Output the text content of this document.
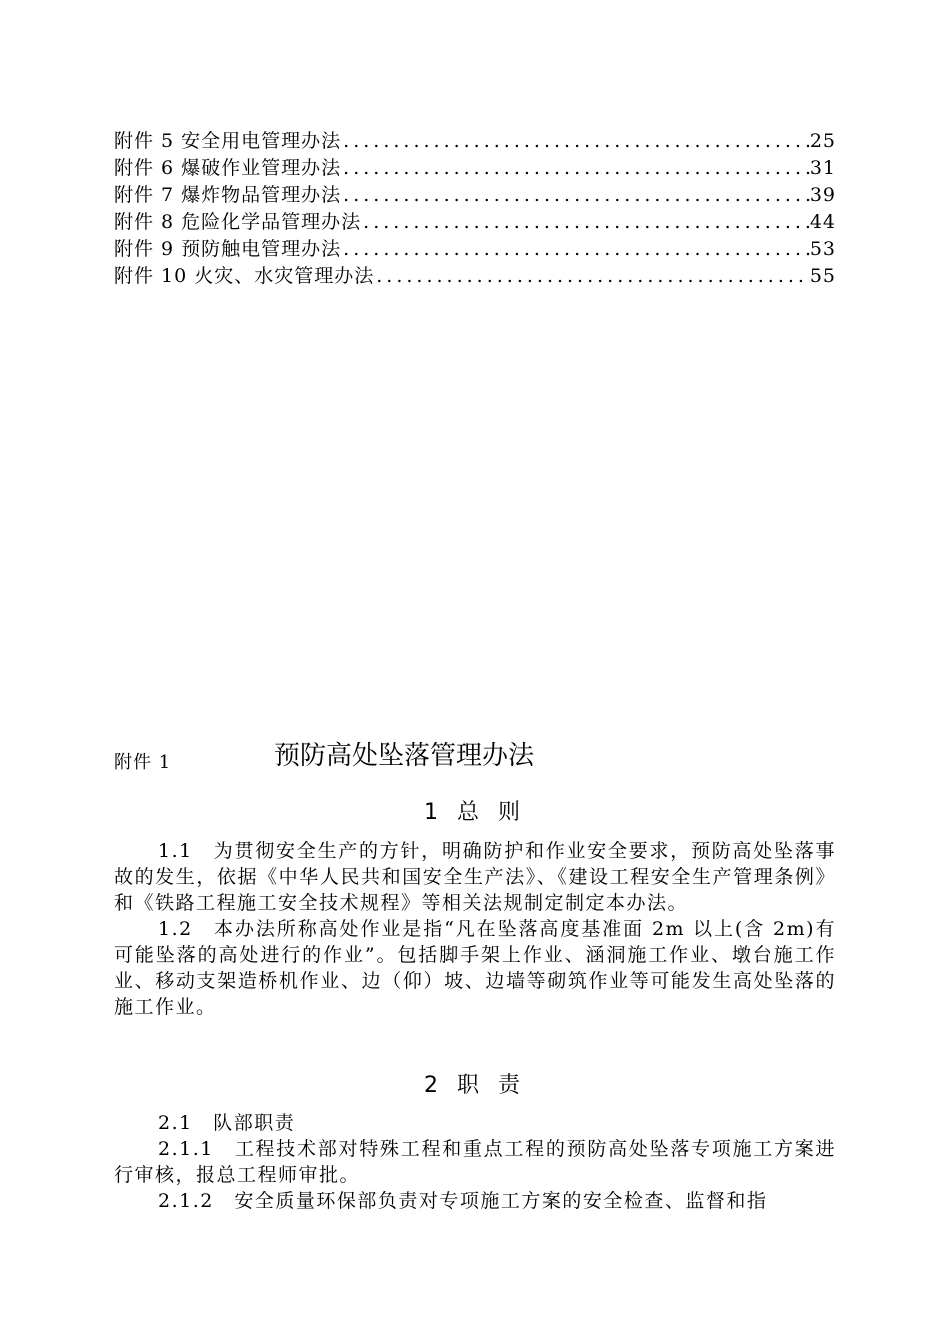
附件 5 安全用电管理办法 .....	25
附件 6 爆破作业管理办法 .....	31
附件 7 爆炸物品管理办法 .....	39
附件 8 危险化学品管理办法 .....	44
附件 9 预防触电管理办法 .....	53
附件 10 火灾、水灾管理办法 .....	55
附件 1	预防高处坠落管理办法
1 总 则

1.1　为贯彻安全生产的方针，明确防护和作业安全要求，预防高处坠落事故的发生，依据《中华人民共和国安全生产法》、《建设工程安全生产管理条例》和《铁路工程施工安全技术规程》等相关法规制定制定本办法。

1.2　本办法所称高处作业是指“凡在坠落高度基准面 2m 以上(含 2m)有可能坠落的高处进行的作业”。包括脚手架上作业、涵洞施工作业、墩台施工作业、移动支架造桥机作业、边（仰）坡、边墙等砌筑作业等可能发生高处坠落的施工作业。

2 职 责

2.1　队部职责

2.1.1　工程技术部对特殊工程和重点工程的预防高处坠落专项施工方案进行审核，报总工程师审批。

2.1.2　安全质量环保部负责对专项施工方案的安全检查、监督和指
